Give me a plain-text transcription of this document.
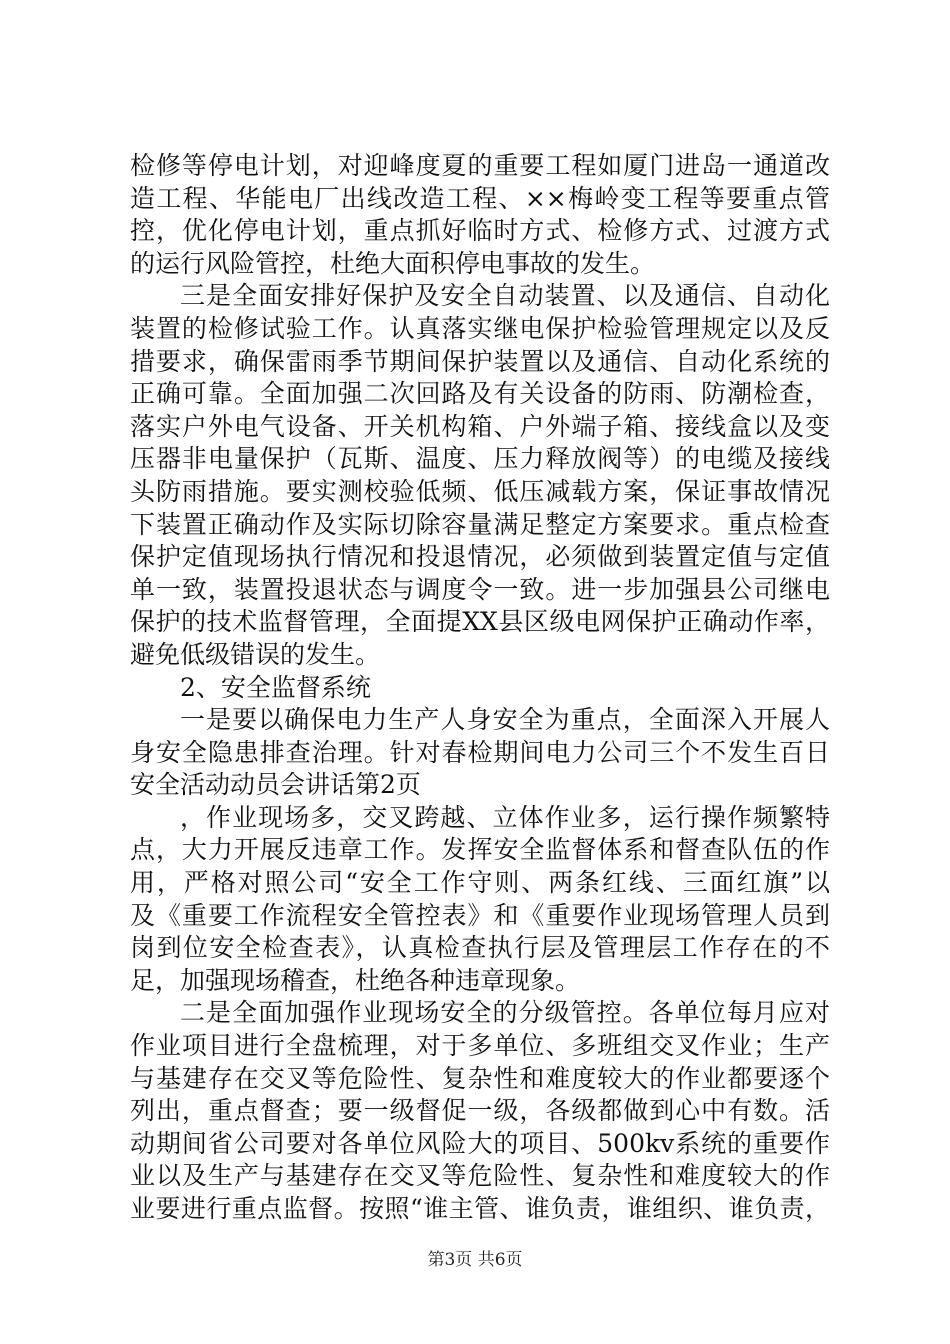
检修等停电计划，对迎峰度夏的重要工程如厦门进岛一通道改
造工程、华能电厂出线改造工程、××梅岭变工程等要重点管
控，优化停电计划，重点抓好临时方式、检修方式、过渡方式
的运行风险管控，杜绝大面积停电事故的发生。
三是全面安排好保护及安全自动装置、以及通信、自动化
装置的检修试验工作。认真落实继电保护检验管理规定以及反
措要求，确保雷雨季节期间保护装置以及通信、自动化系统的
正确可靠。全面加强二次回路及有关设备的防雨、防潮检查，
落实户外电气设备、开关机构箱、户外端子箱、接线盒以及变
压器非电量保护（瓦斯、温度、压力释放阀等）的电缆及接线
头防雨措施。要实测校验低频、低压减载方案，保证事故情况
下装置正确动作及实际切除容量满足整定方案要求。重点检查
保护定值现场执行情况和投退情况，必须做到装置定值与定值
单一致，装置投退状态与调度令一致。进一步加强县公司继电
保护的技术监督管理，全面提XX县区级电网保护正确动作率，
避免低级错误的发生。
2、安全监督系统
一是要以确保电力生产人身安全为重点，全面深入开展人
身安全隐患排查治理。针对春检期间电力公司三个不发生百日
安全活动动员会讲话第2页
，作业现场多，交叉跨越、立体作业多，运行操作频繁特
点，大力开展反违章工作。发挥安全监督体系和督查队伍的作
用，严格对照公司“安全工作守则、两条红线、三面红旗”以
及《重要工作流程安全管控表》和《重要作业现场管理人员到
岗到位安全检查表》，认真检查执行层及管理层工作存在的不
足，加强现场稽查，杜绝各种违章现象。
二是全面加强作业现场安全的分级管控。各单位每月应对
作业项目进行全盘梳理，对于多单位、多班组交叉作业；生产
与基建存在交叉等危险性、复杂性和难度较大的作业都要逐个
列出，重点督查；要一级督促一级，各级都做到心中有数。活
动期间省公司要对各单位风险大的项目、500kv系统的重要作
业以及生产与基建存在交叉等危险性、复杂性和难度较大的作
业要进行重点监督。按照“谁主管、谁负责，谁组织、谁负责，
第3页 共6页
